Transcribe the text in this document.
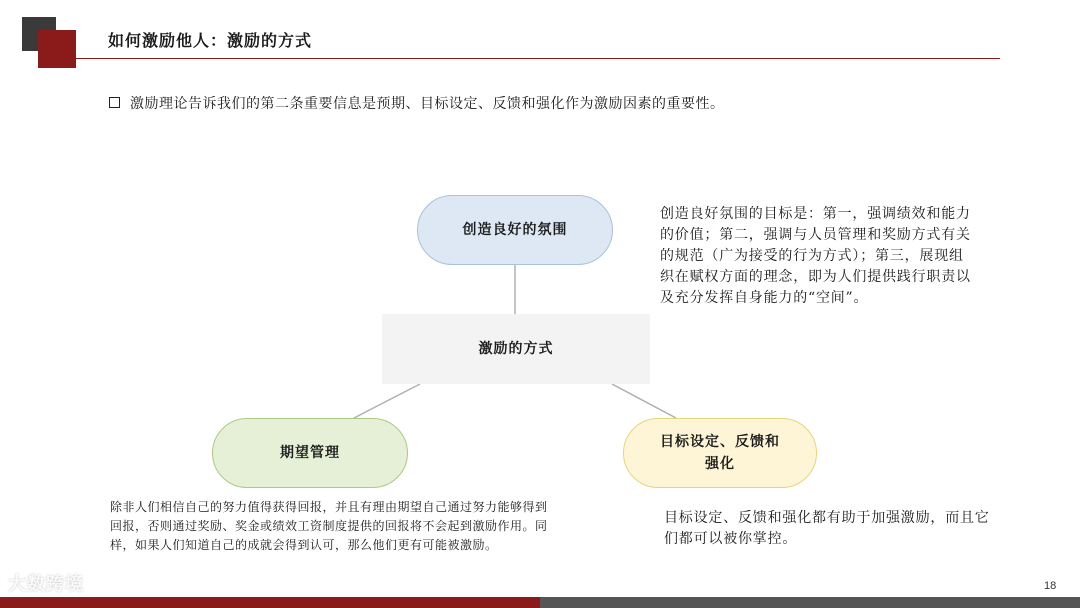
如何激励他人：激励的方式
激励理论告诉我们的第二条重要信息是预期、目标设定、反馈和强化作为激励因素的重要性。
创造良好的氛围
激励的方式
期望管理
目标设定、反馈和强化
创造良好氛围的目标是：第一，强调绩效和能力的价值；第二，强调与人员管理和奖励方式有关的规范（广为接受的行为方式）；第三，展现组织在赋权方面的理念，即为人们提供践行职责以及充分发挥自身能力的“空间”。
除非人们相信自己的努力值得获得回报，并且有理由期望自己通过努力能够得到回报，否则通过奖励、奖金或绩效工资制度提供的回报将不会起到激励作用。同样，如果人们知道自己的成就会得到认可，那么他们更有可能被激励。
目标设定、反馈和强化都有助于加强激励，而且它们都可以被你掌控。
大数跨境	18
